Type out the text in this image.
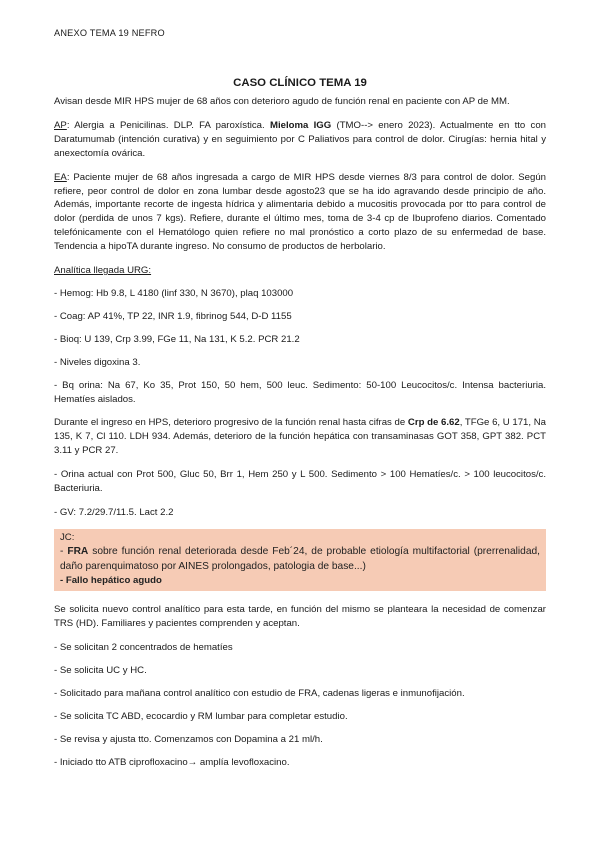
ANEXO TEMA 19 NEFRO
CASO CLÍNICO TEMA 19

Avisan desde MIR HPS mujer de 68 años con deterioro agudo de función renal en paciente con AP de MM.

AP: Alergia a Penicilinas. DLP. FA paroxística. Mieloma IGG (TMO--> enero 2023). Actualmente en tto con Daratumumab (intención curativa) y en seguimiento por C Paliativos para control de dolor. Cirugías: hernia hital y anexectomía ovárica.

EA: Paciente mujer de 68 años ingresada a cargo de MIR HPS desde viernes 8/3 para control de dolor. Según refiere, peor control de dolor en zona lumbar desde agosto23 que se ha ido agravando desde principio de año. Además, importante recorte de ingesta hídrica y alimentaria debido a mucositis provocada por tto para control de dolor (perdida de unos 7 kgs). Refiere, durante el último mes, toma de 3-4 cp de Ibuprofeno diarios. Comentado telefónicamente con el Hematólogo quien refiere no mal pronóstico a corto plazo de su enfermedad de base. Tendencia a hipoTA durante ingreso. No consumo de productos de herbolario.

Analítica llegada URG:

- Hemog: Hb 9.8, L 4180 (linf 330, N 3670), plaq 103000

- Coag: AP 41%, TP 22, INR 1.9, fibrinog 544, D-D 1155

- Bioq: U 139, Crp 3.99, FGe 11, Na 131, K 5.2. PCR 21.2

- Niveles digoxina 3.

- Bq orina: Na 67, Ko 35, Prot 150, 50 hem, 500 leuc. Sedimento: 50-100 Leucocitos/c. Intensa bacteriuria. Hematíes aislados.

Durante el ingreso en HPS, deterioro progresivo de la función renal hasta cifras de Crp de 6.62, TFGe 6, U 171, Na 135, K 7, Cl 110. LDH 934. Además, deterioro de la función hepática con transaminasas GOT 358, GPT 382. PCT 3.11 y PCR 27.

- Orina actual con Prot 500, Gluc 50, Brr 1, Hem 250 y L 500. Sedimento > 100 Hematíes/c. > 100 leucocitos/c. Bacteriuria.

- GV: 7.2/29.7/11.5. Lact 2.2

JC:

- FRA sobre función renal deteriorada desde Feb´24, de probable etiología multifactorial (prerrenalidad, daño parenquimatoso por AINES prolongados, patologia de base...)

- Fallo hepático agudo

Se solicita nuevo control analítico para esta tarde, en función del mismo se planteara la necesidad de comenzar TRS (HD). Familiares y pacientes comprenden y aceptan.

- Se solicitan 2 concentrados de hematíes

- Se solicita UC y HC.

- Solicitado para mañana control analítico con estudio de FRA, cadenas ligeras e inmunofijación.

- Se solicita TC ABD, ecocardio y RM lumbar para completar estudio.

- Se revisa y ajusta tto. Comenzamos con Dopamina a 21 ml/h.

- Iniciado tto ATB ciprofloxacino→ amplía levofloxacino.
